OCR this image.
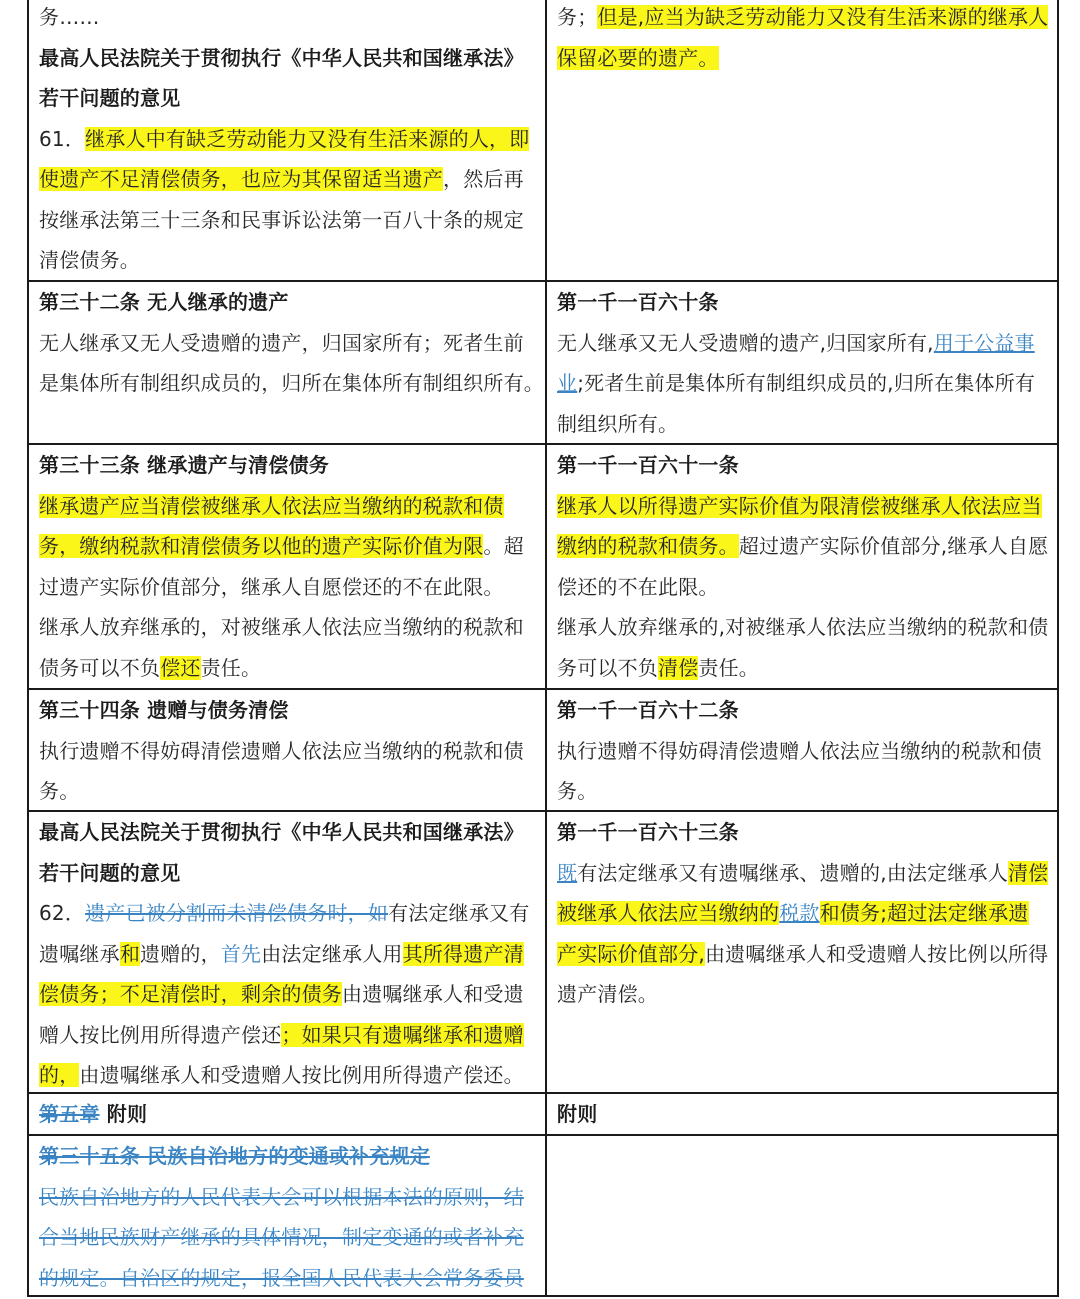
务……
最高人民法院关于贯彻执行《中华人民共和国继承法》
若干问题的意见
61．继承人中有缺乏劳动能力又没有生活来源的人，即
使遗产不足清偿债务，也应为其保留适当遗产，然后再
按继承法第三十三条和民事诉讼法第一百八十条的规定
清偿债务。
务；但是,应当为缺乏劳动能力又没有生活来源的继承人
保留必要的遗产。
第三十二条 无人继承的遗产
无人继承又无人受遗赠的遗产，归国家所有；死者生前
是集体所有制组织成员的，归所在集体所有制组织所有。
第一千一百六十条
无人继承又无人受遗赠的遗产,归国家所有,用于公益事
业;死者生前是集体所有制组织成员的,归所在集体所有
制组织所有。
第三十三条 继承遗产与清偿债务
继承遗产应当清偿被继承人依法应当缴纳的税款和债
务，缴纳税款和清偿债务以他的遗产实际价值为限。超
过遗产实际价值部分，继承人自愿偿还的不在此限。
继承人放弃继承的，对被继承人依法应当缴纳的税款和
债务可以不负偿还责任。
第一千一百六十一条
继承人以所得遗产实际价值为限清偿被继承人依法应当
缴纳的税款和债务。超过遗产实际价值部分,继承人自愿
偿还的不在此限。
继承人放弃继承的,对被继承人依法应当缴纳的税款和债
务可以不负清偿责任。
第三十四条 遗赠与债务清偿
执行遗赠不得妨碍清偿遗赠人依法应当缴纳的税款和债
务。
第一千一百六十二条
执行遗赠不得妨碍清偿遗赠人依法应当缴纳的税款和债
务。
最高人民法院关于贯彻执行《中华人民共和国继承法》
若干问题的意见
62．遗产已被分割而未清偿债务时，如有法定继承又有
遗嘱继承和遗赠的，首先由法定继承人用其所得遗产清
偿债务；不足清偿时，剩余的债务由遗嘱继承人和受遗
赠人按比例用所得遗产偿还；如果只有遗嘱继承和遗赠
的，由遗嘱继承人和受遗赠人按比例用所得遗产偿还。
第一千一百六十三条
既有法定继承又有遗嘱继承、遗赠的,由法定继承人清偿
被继承人依法应当缴纳的税款和债务;超过法定继承遗
产实际价值部分,由遗嘱继承人和受遗赠人按比例以所得
遗产清偿。
第五章 附则	附则
第三十五条 民族自治地方的变通或补充规定
民族自治地方的人民代表大会可以根据本法的原则，结
合当地民族财产继承的具体情况，制定变通的或者补充
的规定。自治区的规定，报全国人民代表大会常务委员
